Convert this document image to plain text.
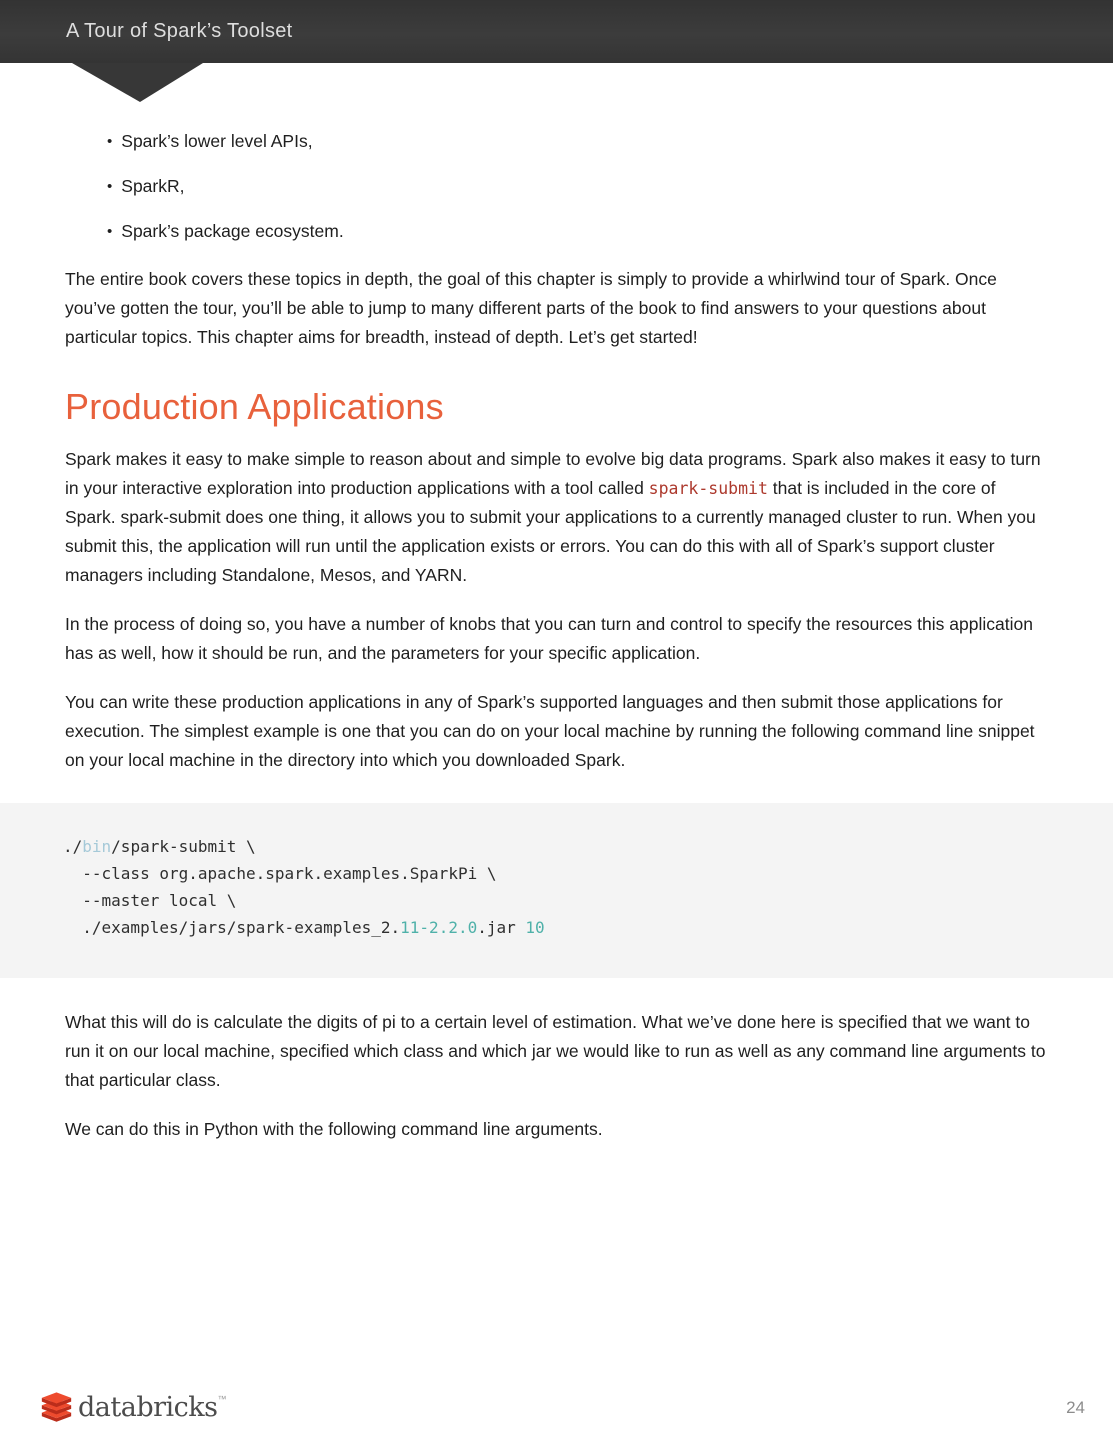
A Tour of Spark’s Toolset
• Spark’s lower level APIs,
• SparkR,
• Spark’s package ecosystem.

The entire book covers these topics in depth, the goal of this chapter is simply to provide a whirlwind tour of Spark. Once you’ve gotten the tour, you’ll be able to jump to many different parts of the book to find answers to your questions about particular topics. This chapter aims for breadth, instead of depth. Let’s get started!

Production Applications

Spark makes it easy to make simple to reason about and simple to evolve big data programs. Spark also makes it easy to turn in your interactive exploration into production applications with a tool called spark-submit that is included in the core of Spark. spark-submit does one thing, it allows you to submit your applications to a currently managed cluster to run. When you submit this, the application will run until the application exists or errors. You can do this with all of Spark’s support cluster managers including Standalone, Mesos, and YARN.

In the process of doing so, you have a number of knobs that you can turn and control to specify the resources this application has as well, how it should be run, and the parameters for your specific application.

You can write these production applications in any of Spark’s supported languages and then submit those applications for execution. The simplest example is one that you can do on your local machine by running the following command line snippet on your local machine in the directory into which you downloaded Spark.

./bin/spark-submit \
--class org.apache.spark.examples.SparkPi \
--master local \
./examples/jars/spark-examples_2.11-2.2.0.jar 10

What this will do is calculate the digits of pi to a certain level of estimation. What we’ve done here is specified that we want to run it on our local machine, specified which class and which jar we would like to run as well as any command line arguments to that particular class.

We can do this in Python with the following command line arguments.

databricks ™	24
